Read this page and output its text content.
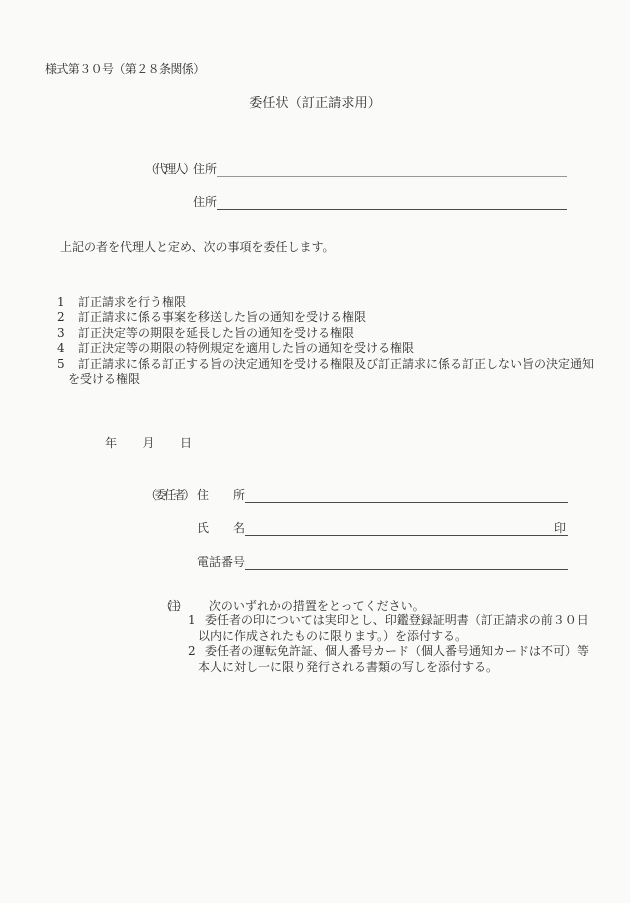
様式第３０号（第２８条関係）
委任状（訂正請求用）
（代理人） 住所
住所
上記の者を代理人と定め、次の事項を委任します。
1 訂正請求を行う権限
2 訂正請求に係る事案を移送した旨の通知を受ける権限
3 訂正決定等の期限を延長した旨の通知を受ける権限
4 訂正決定等の期限の特例規定を適用した旨の通知を受ける権限
5 訂正請求に係る訂正する旨の決定通知を受ける権限及び訂正請求に係る訂正しない旨の決定通知を受ける権限
年　月　日
（委任者） 住　所
氏　名	印
電話番号
（注） 次のいずれかの措置をとってください。
1 委任者の印については実印とし、印鑑登録証明書（訂正請求の前３０日以内に作成されたものに限ります。）を添付する。
2 委任者の運転免許証、個人番号カード（個人番号通知カードは不可）等本人に対し一に限り発行される書類の写しを添付する。
